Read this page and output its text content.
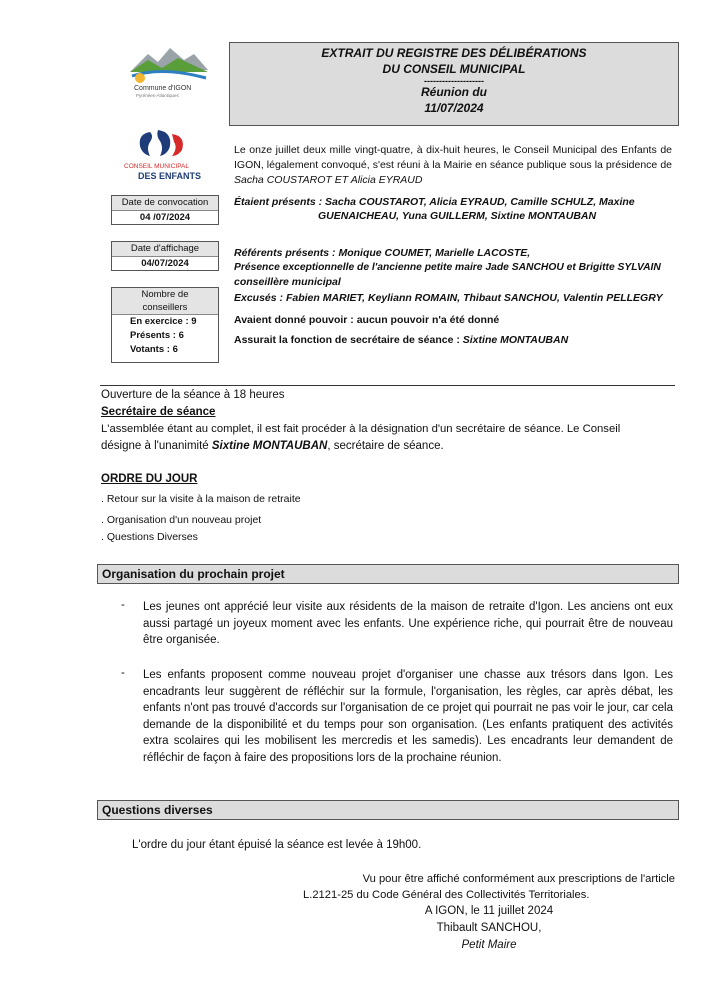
Commune d'IGON
Pyrénées-Atlantiques
EXTRAIT DU REGISTRE DES DÉLIBÉRATIONS
DU CONSEIL MUNICIPAL
--------------------
Réunion du
11/07/2024
CONSEIL MUNICIPAL
DES ENFANTS
Date de convocation
04 /07/2024
Date d'affichage
04/07/2024
Nombre de
conseillers
En exercice : 9
Présents : 6
Votants : 6
Le onze juillet deux mille vingt-quatre, à dix-huit heures, le Conseil Municipal des Enfants de IGON, légalement convoqué, s'est réuni à la Mairie en séance publique sous la présidence de Sacha COUSTAROT ET Alicia EYRAUD
Étaient présents : Sacha COUSTAROT, Alicia EYRAUD, Camille SCHULZ, Maxine
GUENAICHEAU, Yuna GUILLERM, Sixtine MONTAUBAN
Référents présents : Monique COUMET, Marielle LACOSTE,
Présence exceptionnelle de l'ancienne petite maire Jade SANCHOU et Brigitte SYLVAIN
conseillère municipal
Excusés : Fabien MARIET, Keyliann ROMAIN, Thibaut SANCHOU, Valentin PELLEGRY
Avaient donné pouvoir : aucun pouvoir n'a été donné
Assurait la fonction de secrétaire de séance : Sixtine MONTAUBAN
Ouverture de la séance à 18 heures
Secrétaire de séance
L'assemblée étant au complet, il est fait procéder à la désignation d'un secrétaire de séance. Le Conseil
désigne à l'unanimité Sixtine MONTAUBAN, secrétaire de séance.
ORDRE DU JOUR
. Retour sur la visite à la maison de retraite
. Organisation d'un nouveau projet
. Questions Diverses
Organisation du prochain projet
- Les jeunes ont apprécié leur visite aux résidents de la maison de retraite d'Igon. Les anciens ont eux aussi partagé un joyeux moment avec les enfants. Une expérience riche, qui pourrait être de nouveau être organisée.
- Les enfants proposent comme nouveau projet d'organiser une chasse aux trésors dans Igon. Les encadrants leur suggèrent de réfléchir sur la formule, l'organisation, les règles, car après débat, les enfants n'ont pas trouvé d'accords sur l'organisation de ce projet qui pourrait ne pas voir le jour, car cela demande de la disponibilité et du temps pour son organisation. (Les enfants pratiquent des activités extra scolaires qui les mobilisent les mercredis et les samedis). Les encadrants leur demandent de réfléchir de façon à faire des propositions lors de la prochaine réunion.
Questions diverses
L'ordre du jour étant épuisé la séance est levée à 19h00.
Vu pour être affiché conformément aux prescriptions de l'article
L.2121-25 du Code Général des Collectivités Territoriales.
A IGON, le 11 juillet 2024
Thibault SANCHOU,
Petit Maire
